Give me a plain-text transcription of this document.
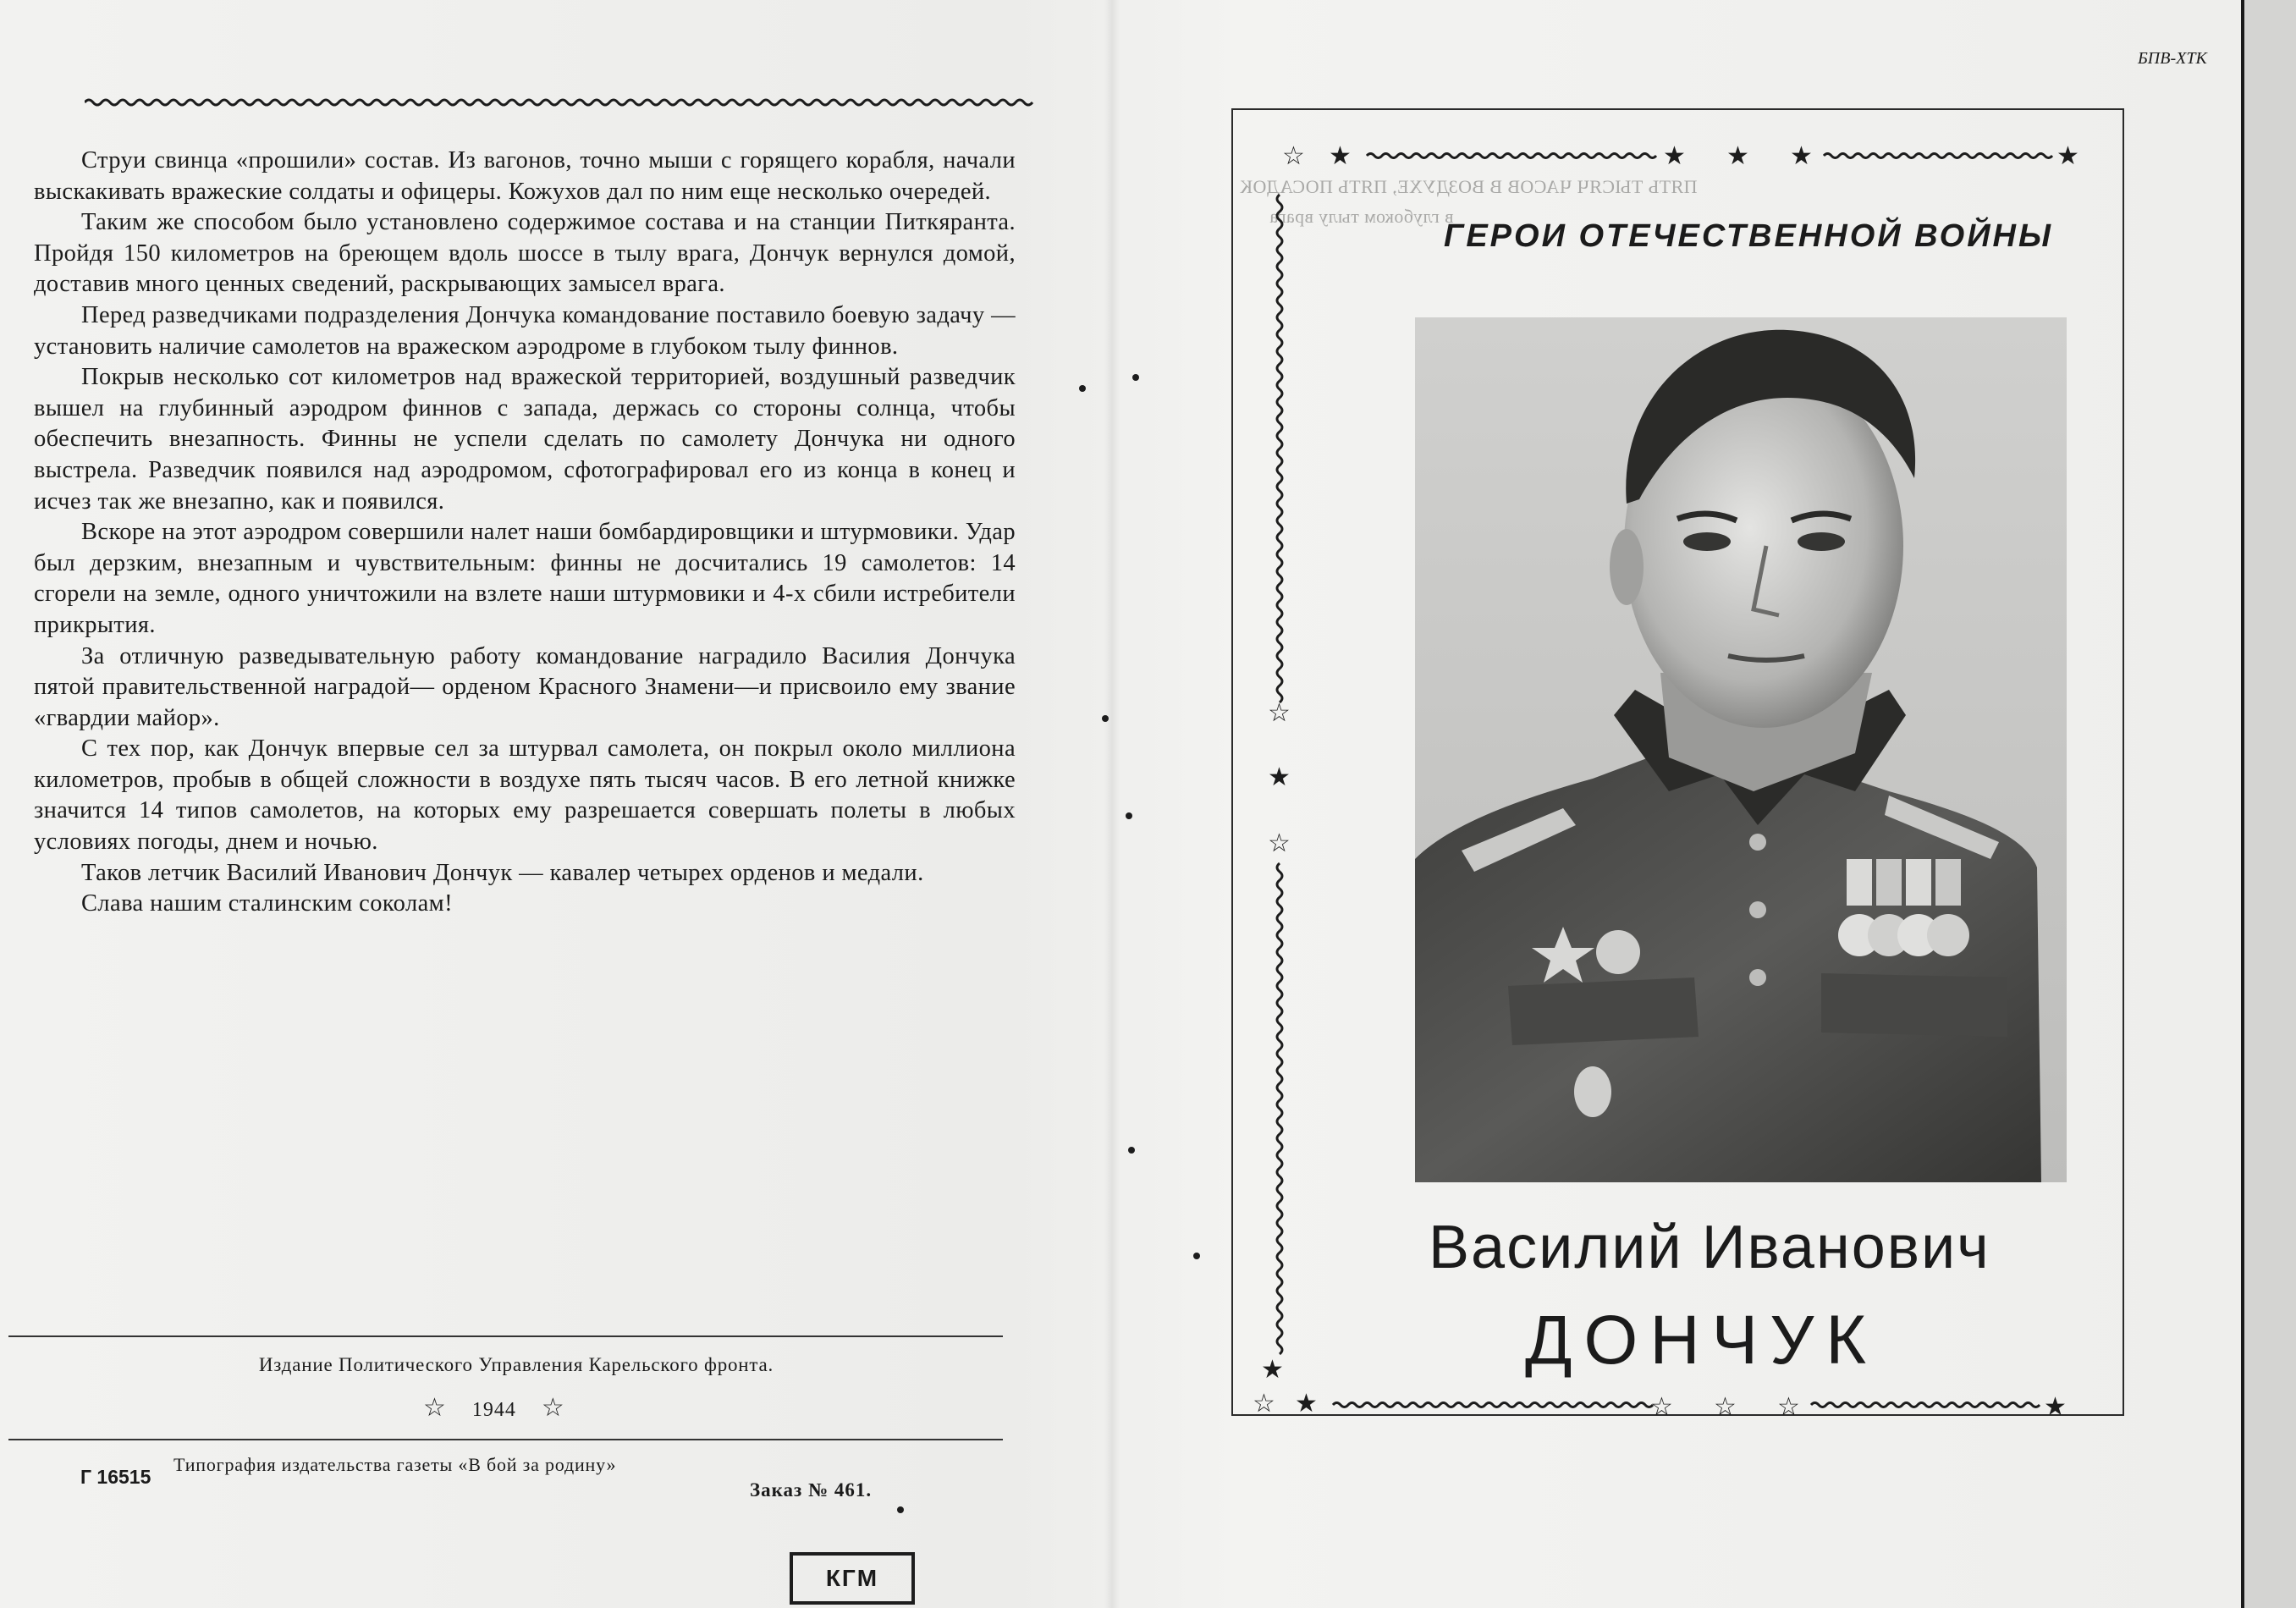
БПВ-ХТК

Струи свинца «прошили» состав. Из вагонов, точно мыши с горящего корабля, начали выскакивать вражеские солдаты и офицеры. Кожухов дал по ним еще несколько очередей.

Таким же способом было установлено содержимое состава и на станции Питкяранта. Пройдя 150 километров на бреющем вдоль шоссе в тылу врага, Дончук вернулся домой, доставив много ценных сведений, раскрывающих замысел врага.

Перед разведчиками подразделения Дончука командование поставило боевую задачу — установить наличие самолетов на вражеском аэродроме в глубоком тылу финнов.

Покрыв несколько сот километров над вражеской территорией, воздушный разведчик вышел на глубинный аэродром финнов с запада, держась со стороны солнца, чтобы обеспечить внезапность. Финны не успели сделать по самолету Дончука ни одного выстрела. Разведчик появился над аэродромом, сфотографировал его из конца в конец и исчез так же внезапно, как и появился.

Вскоре на этот аэродром совершили налет наши бомбардировщики и штурмовики. Удар был дерзким, внезапным и чувствительным: финны не досчитались 19 самолетов: 14 сгорели на земле, одного уничтожили на взлете наши штурмовики и 4-х сбили истребители прикрытия.

За отличную разведывательную работу командование наградило Василия Дончука пятой правительственной наградой— орденом Красного Знамени—и присвоило ему звание «гвардии майор».

С тех пор, как Дончук впервые сел за штурвал самолета, он покрыл около миллиона километров, пробыв в общей сложности в воздухе пять тысяч часов. В его летной книжке значится 14 типов самолетов, на которых ему разрешается совершать полеты в любых условиях погоды, днем и ночью.

Таков летчик Василий Иванович Дончук — кавалер четырех орденов и медали.

Слава нашим сталинским соколам!

Издание Политического Управления Карельского фронта.
☆ 1944 ☆
Г 16515
Типография издательства газеты «В бой за родину»
Заказ № 461.
КГМ
ПЯТЬ ТЫСЯЧ ЧАСОВ В ВОЗДУХЕ, ПЯТЬ ПОСАДОК
в глубоком тылу врага
☆ ★	★ ★ ★	★
☆
★
☆
★
☆ ★	☆ ☆ ☆	★
ГЕРОИ ОТЕЧЕСТВЕННОЙ ВОЙНЫ
Василий Иванович
ДОНЧУК
